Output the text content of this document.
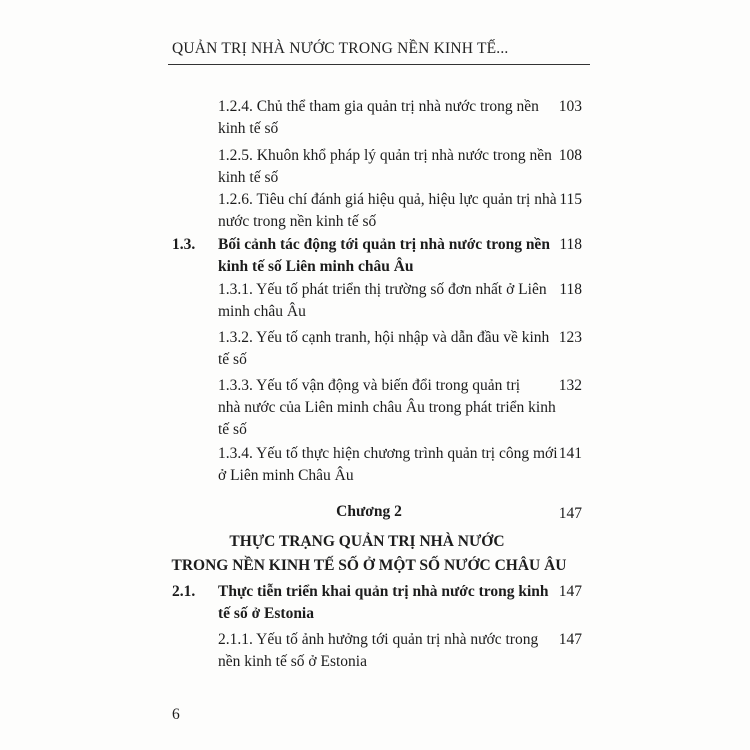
QUẢN TRỊ NHÀ NƯỚC TRONG NỀN KINH TẾ...
1.2.4. Chủ thể tham gia quản trị nhà nước trong nền
kinh tế số
103
1.2.5. Khuôn khổ pháp lý quản trị nhà nước trong nền
kinh tế số
108
1.2.6. Tiêu chí đánh giá hiệu quả, hiệu lực quản trị nhà
nước trong nền kinh tế số
115
1.3. Bối cảnh tác động tới quản trị nhà nước trong nền
kinh tế số Liên minh châu Âu
118
1.3.1. Yếu tố phát triển thị trường số đơn nhất ở Liên
minh châu Âu
118
1.3.2. Yếu tố cạnh tranh, hội nhập và dẫn đầu về kinh
tế số
123
1.3.3. Yếu tố vận động và biến đổi trong quản trị
nhà nước của Liên minh châu Âu trong phát triển kinh
tế số
132
1.3.4. Yếu tố thực hiện chương trình quản trị công mới
ở Liên minh Châu Âu
141
Chương 2	147
THỰC TRẠNG QUẢN TRỊ NHÀ NƯỚC
TRONG NỀN KINH TẾ SỐ Ở MỘT SỐ NƯỚC CHÂU ÂU
2.1. Thực tiễn triển khai quản trị nhà nước trong kinh
tế số ở Estonia
147
2.1.1. Yếu tố ảnh hưởng tới quản trị nhà nước trong
nền kinh tế số ở Estonia
147
6
